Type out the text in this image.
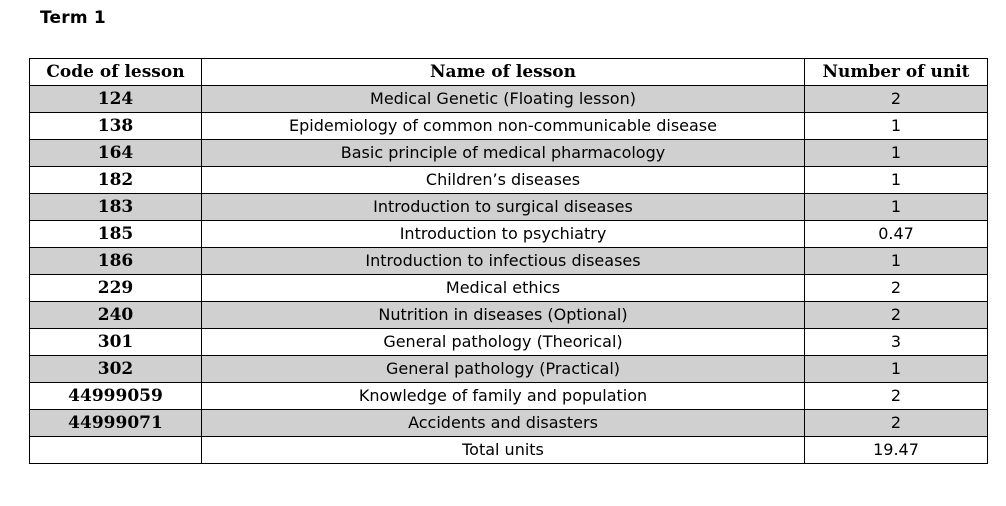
Term 1
Code of lesson	Name of lesson	Number of unit
124	Medical Genetic (Floating lesson)	2
138	Epidemiology of common non-communicable disease	1
164	Basic principle of medical pharmacology	1
182	Children’s diseases	1
183	Introduction to surgical diseases	1
185	Introduction to psychiatry	0.47
186	Introduction to infectious diseases	1
229	Medical ethics	2
240	Nutrition in diseases (Optional)	2
301	General pathology (Theorical)	3
302	General pathology (Practical)	1
44999059	Knowledge of family and population	2
44999071	Accidents and disasters	2
	Total units	19.47
